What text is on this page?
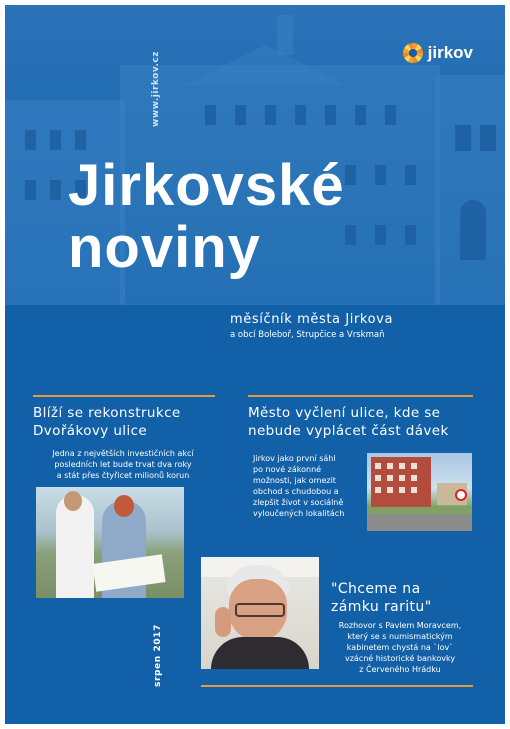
www.jirkov.cz	jirkov
Jirkovské
noviny
měsíčník města Jirkova
a obcí Boleboř, Strupčice a Vrskmaň
Blíží se rekonstrukce
Dvořákovy ulice
Jedna z největších investičních akcí
posledních let bude trvat dva roky
a stát přes čtyřicet milionů korun
Město vyčlení ulice, kde se
nebude vyplácet část dávek
Jirkov jako první sáhl
po nové zákonné
možnosti, jak omezit
obchod s chudobou a
zlepšit život v sociálně
vyloučených lokalitách
"Chceme na
zámku raritu"
Rozhovor s Pavlem Moravcem,
který se s numismatickým
kabinetem chystá na `lov`
vzácné historické bankovky
z Červeného Hrádku
srpen 2017
